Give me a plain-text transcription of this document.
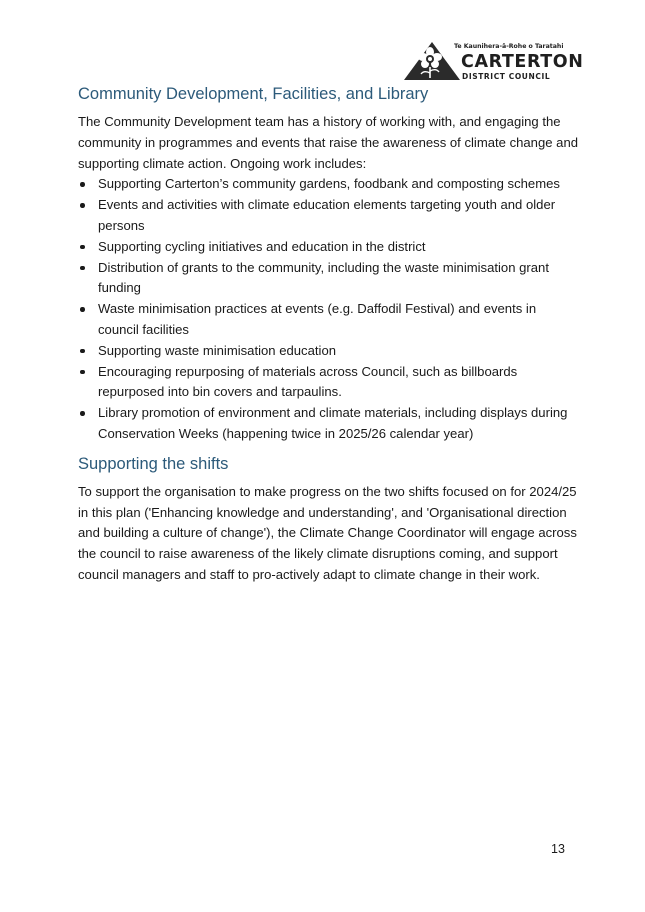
Te Kaunihera-ā-Rohe o Taratahi
CARTERTON
DISTRICT COUNCIL
Community Development, Facilities, and Library

The Community Development team has a history of working with, and engaging the community in programmes and events that raise the awareness of climate change and supporting climate action. Ongoing work includes:

Supporting Carterton’s community gardens, foodbank and composting schemes
Events and activities with climate education elements targeting youth and older persons
Supporting cycling initiatives and education in the district
Distribution of grants to the community, including the waste minimisation grant funding
Waste minimisation practices at events (e.g. Daffodil Festival) and events in council facilities
Supporting waste minimisation education
Encouraging repurposing of materials across Council, such as billboards repurposed into bin covers and tarpaulins.
Library promotion of environment and climate materials, including displays during Conservation Weeks (happening twice in 2025/26 calendar year)
Supporting the shifts

To support the organisation to make progress on the two shifts focused on for 2024/25 in this plan ('Enhancing knowledge and understanding', and 'Organisational direction and building a culture of change'), the Climate Change Coordinator will engage across the council to raise awareness of the likely climate disruptions coming, and support council managers and staff to pro-actively adapt to climate change in their work.

13
